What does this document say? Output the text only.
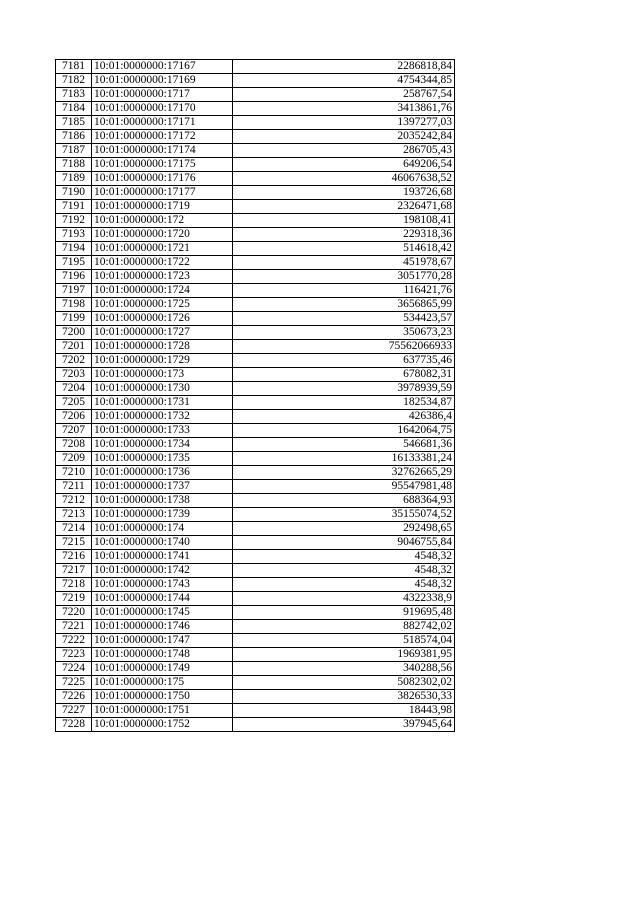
7181	10:01:0000000:17167	2286818,84
7182	10:01:0000000:17169	4754344,85
7183	10:01:0000000:1717	258767,54
7184	10:01:0000000:17170	3413861,76
7185	10:01:0000000:17171	1397277,03
7186	10:01:0000000:17172	2035242,84
7187	10:01:0000000:17174	286705,43
7188	10:01:0000000:17175	649206,54
7189	10:01:0000000:17176	46067638,52
7190	10:01:0000000:17177	193726,68
7191	10:01:0000000:1719	2326471,68
7192	10:01:0000000:172	198108,41
7193	10:01:0000000:1720	229318,36
7194	10:01:0000000:1721	514618,42
7195	10:01:0000000:1722	451978,67
7196	10:01:0000000:1723	3051770,28
7197	10:01:0000000:1724	116421,76
7198	10:01:0000000:1725	3656865,99
7199	10:01:0000000:1726	534423,57
7200	10:01:0000000:1727	350673,23
7201	10:01:0000000:1728	75562066933
7202	10:01:0000000:1729	637735,46
7203	10:01:0000000:173	678082,31
7204	10:01:0000000:1730	3978939,59
7205	10:01:0000000:1731	182534,87
7206	10:01:0000000:1732	426386,4
7207	10:01:0000000:1733	1642064,75
7208	10:01:0000000:1734	546681,36
7209	10:01:0000000:1735	16133381,24
7210	10:01:0000000:1736	32762665,29
7211	10:01:0000000:1737	95547981,48
7212	10:01:0000000:1738	688364,93
7213	10:01:0000000:1739	35155074,52
7214	10:01:0000000:174	292498,65
7215	10:01:0000000:1740	9046755,84
7216	10:01:0000000:1741	4548,32
7217	10:01:0000000:1742	4548,32
7218	10:01:0000000:1743	4548,32
7219	10:01:0000000:1744	4322338,9
7220	10:01:0000000:1745	919695,48
7221	10:01:0000000:1746	882742,02
7222	10:01:0000000:1747	518574,04
7223	10:01:0000000:1748	1969381,95
7224	10:01:0000000:1749	340288,56
7225	10:01:0000000:175	5082302,02
7226	10:01:0000000:1750	3826530,33
7227	10:01:0000000:1751	18443,98
7228	10:01:0000000:1752	397945,64
